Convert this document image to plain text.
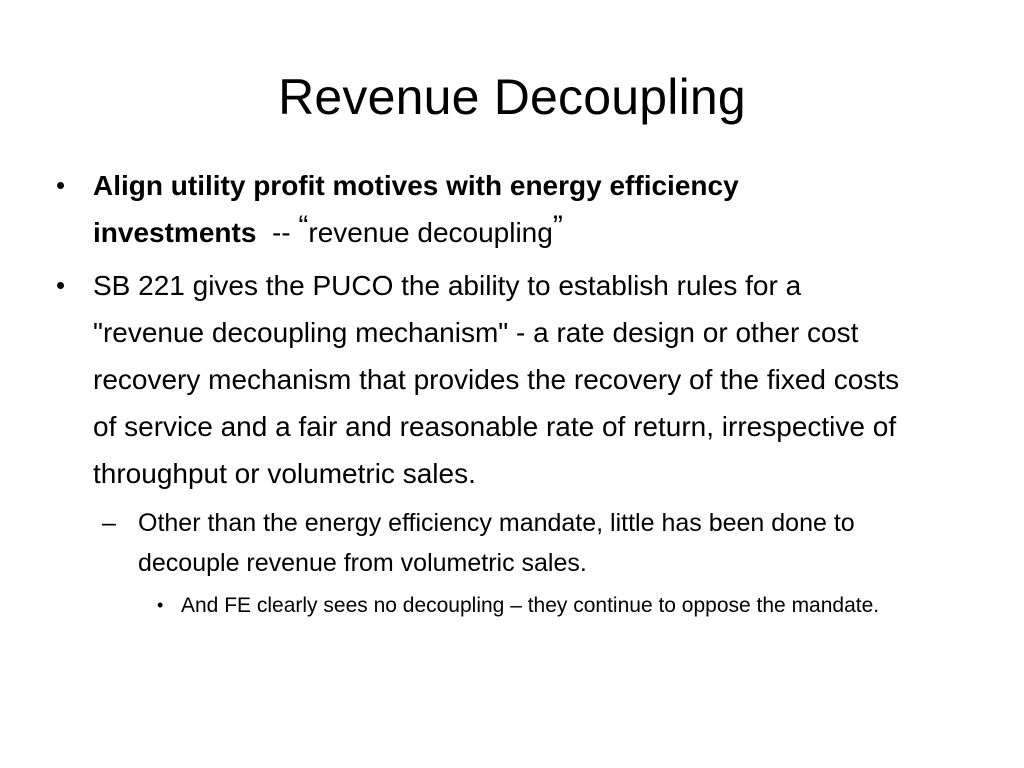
Revenue Decoupling
• Align utility profit motives with energy efficiency investments -- “revenue decoupling”
• SB 221 gives the PUCO the ability to establish rules for a "revenue decoupling mechanism" - a rate design or other cost recovery mechanism that provides the recovery of the fixed costs of service and a fair and reasonable rate of return, irrespective of throughput or volumetric sales.
– Other than the energy efficiency mandate, little has been done to decouple revenue from volumetric sales.
• And FE clearly sees no decoupling – they continue to oppose the mandate.
